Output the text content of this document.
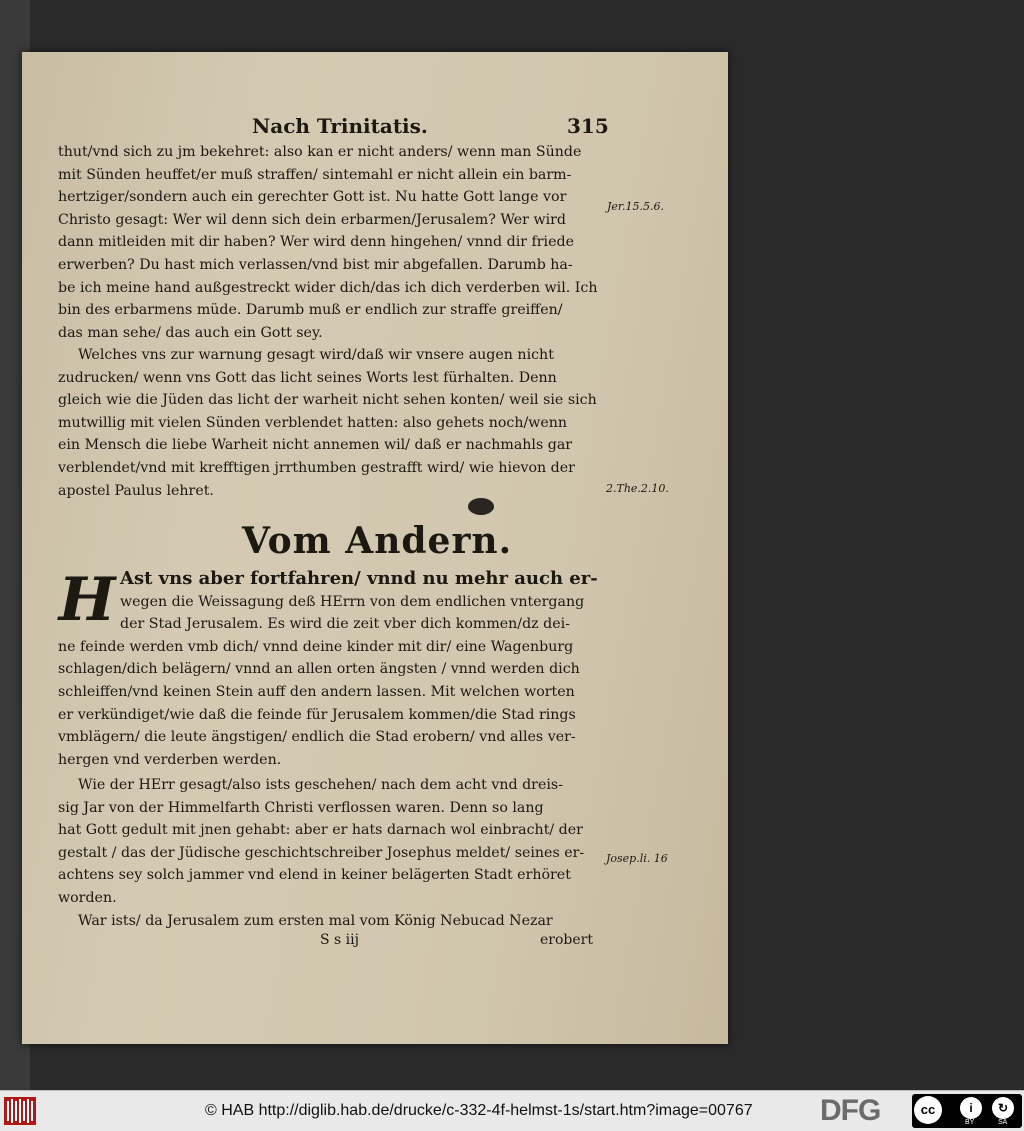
Nach Trinitatis.	315
thut/vnd sich zu jm bekehret: also kan er nicht anders/ wenn man Sünde
mit Sünden heuffet/er muß straffen/ sintemahl er nicht allein ein barm-
hertziger/sondern auch ein gerechter Gott ist. Nu hatte Gott lange vor
Christo gesagt: Wer wil denn sich dein erbarmen/Jerusalem? Wer wird
dann mitleiden mit dir haben? Wer wird denn hingehen/ vnnd dir friede
erwerben? Du hast mich verlassen/vnd bist mir abgefallen. Darumb ha-
be ich meine hand außgestreckt wider dich/das ich dich verderben wil. Ich
bin des erbarmens müde. Darumb muß er endlich zur straffe greiffen/
das man sehe/ das auch ein Gott sey.
Welches vns zur warnung gesagt wird/daß wir vnsere augen nicht
zudrucken/ wenn vns Gott das licht seines Worts lest fürhalten. Denn
gleich wie die Jüden das licht der warheit nicht sehen konten/ weil sie sich
mutwillig mit vielen Sünden verblendet hatten: also gehets noch/wenn
ein Mensch die liebe Warheit nicht annemen wil/ daß er nachmahls gar
verblendet/vnd mit krefftigen jrrthumben gestrafft wird/ wie hievon der
apostel Paulus lehret.
Vom Andern.
H Ast vns aber fortfahren/ vnnd nu mehr auch er-
wegen die Weissagung deß HErrn von dem endlichen vntergang
der Stad Jerusalem. Es wird die zeit vber dich kommen/dz dei-
ne feinde werden vmb dich/ vnnd deine kinder mit dir/ eine Wagenburg
schlagen/dich belägern/ vnnd an allen orten ängsten / vnnd werden dich
schleiffen/vnd keinen Stein auff den andern lassen. Mit welchen worten
er verkündiget/wie daß die feinde für Jerusalem kommen/die Stad rings
vmblägern/ die leute ängstigen/ endlich die Stad erobern/ vnd alles ver-
hergen vnd verderben werden.
Wie der HErr gesagt/also ists geschehen/ nach dem acht vnd dreis-
sig Jar von der Himmelfarth Christi verflossen waren. Denn so lang
hat Gott gedult mit jnen gehabt: aber er hats darnach wol einbracht/ der
gestalt / das der Jüdische geschichtschreiber Josephus meldet/ seines er-
achtens sey solch jammer vnd elend in keiner belägerten Stadt erhöret
worden.
War ists/ da Jerusalem zum ersten mal vom König Nebucad Nezar
Jer.15.5.6.
2.The.2.10.
Josep.li. 16
S s iij	erobert
© HAB http://diglib.hab.de/drucke/c-332-4f-helmst-1s/start.htm?image=00767 DFG	cc	i	↻
BY	SA
